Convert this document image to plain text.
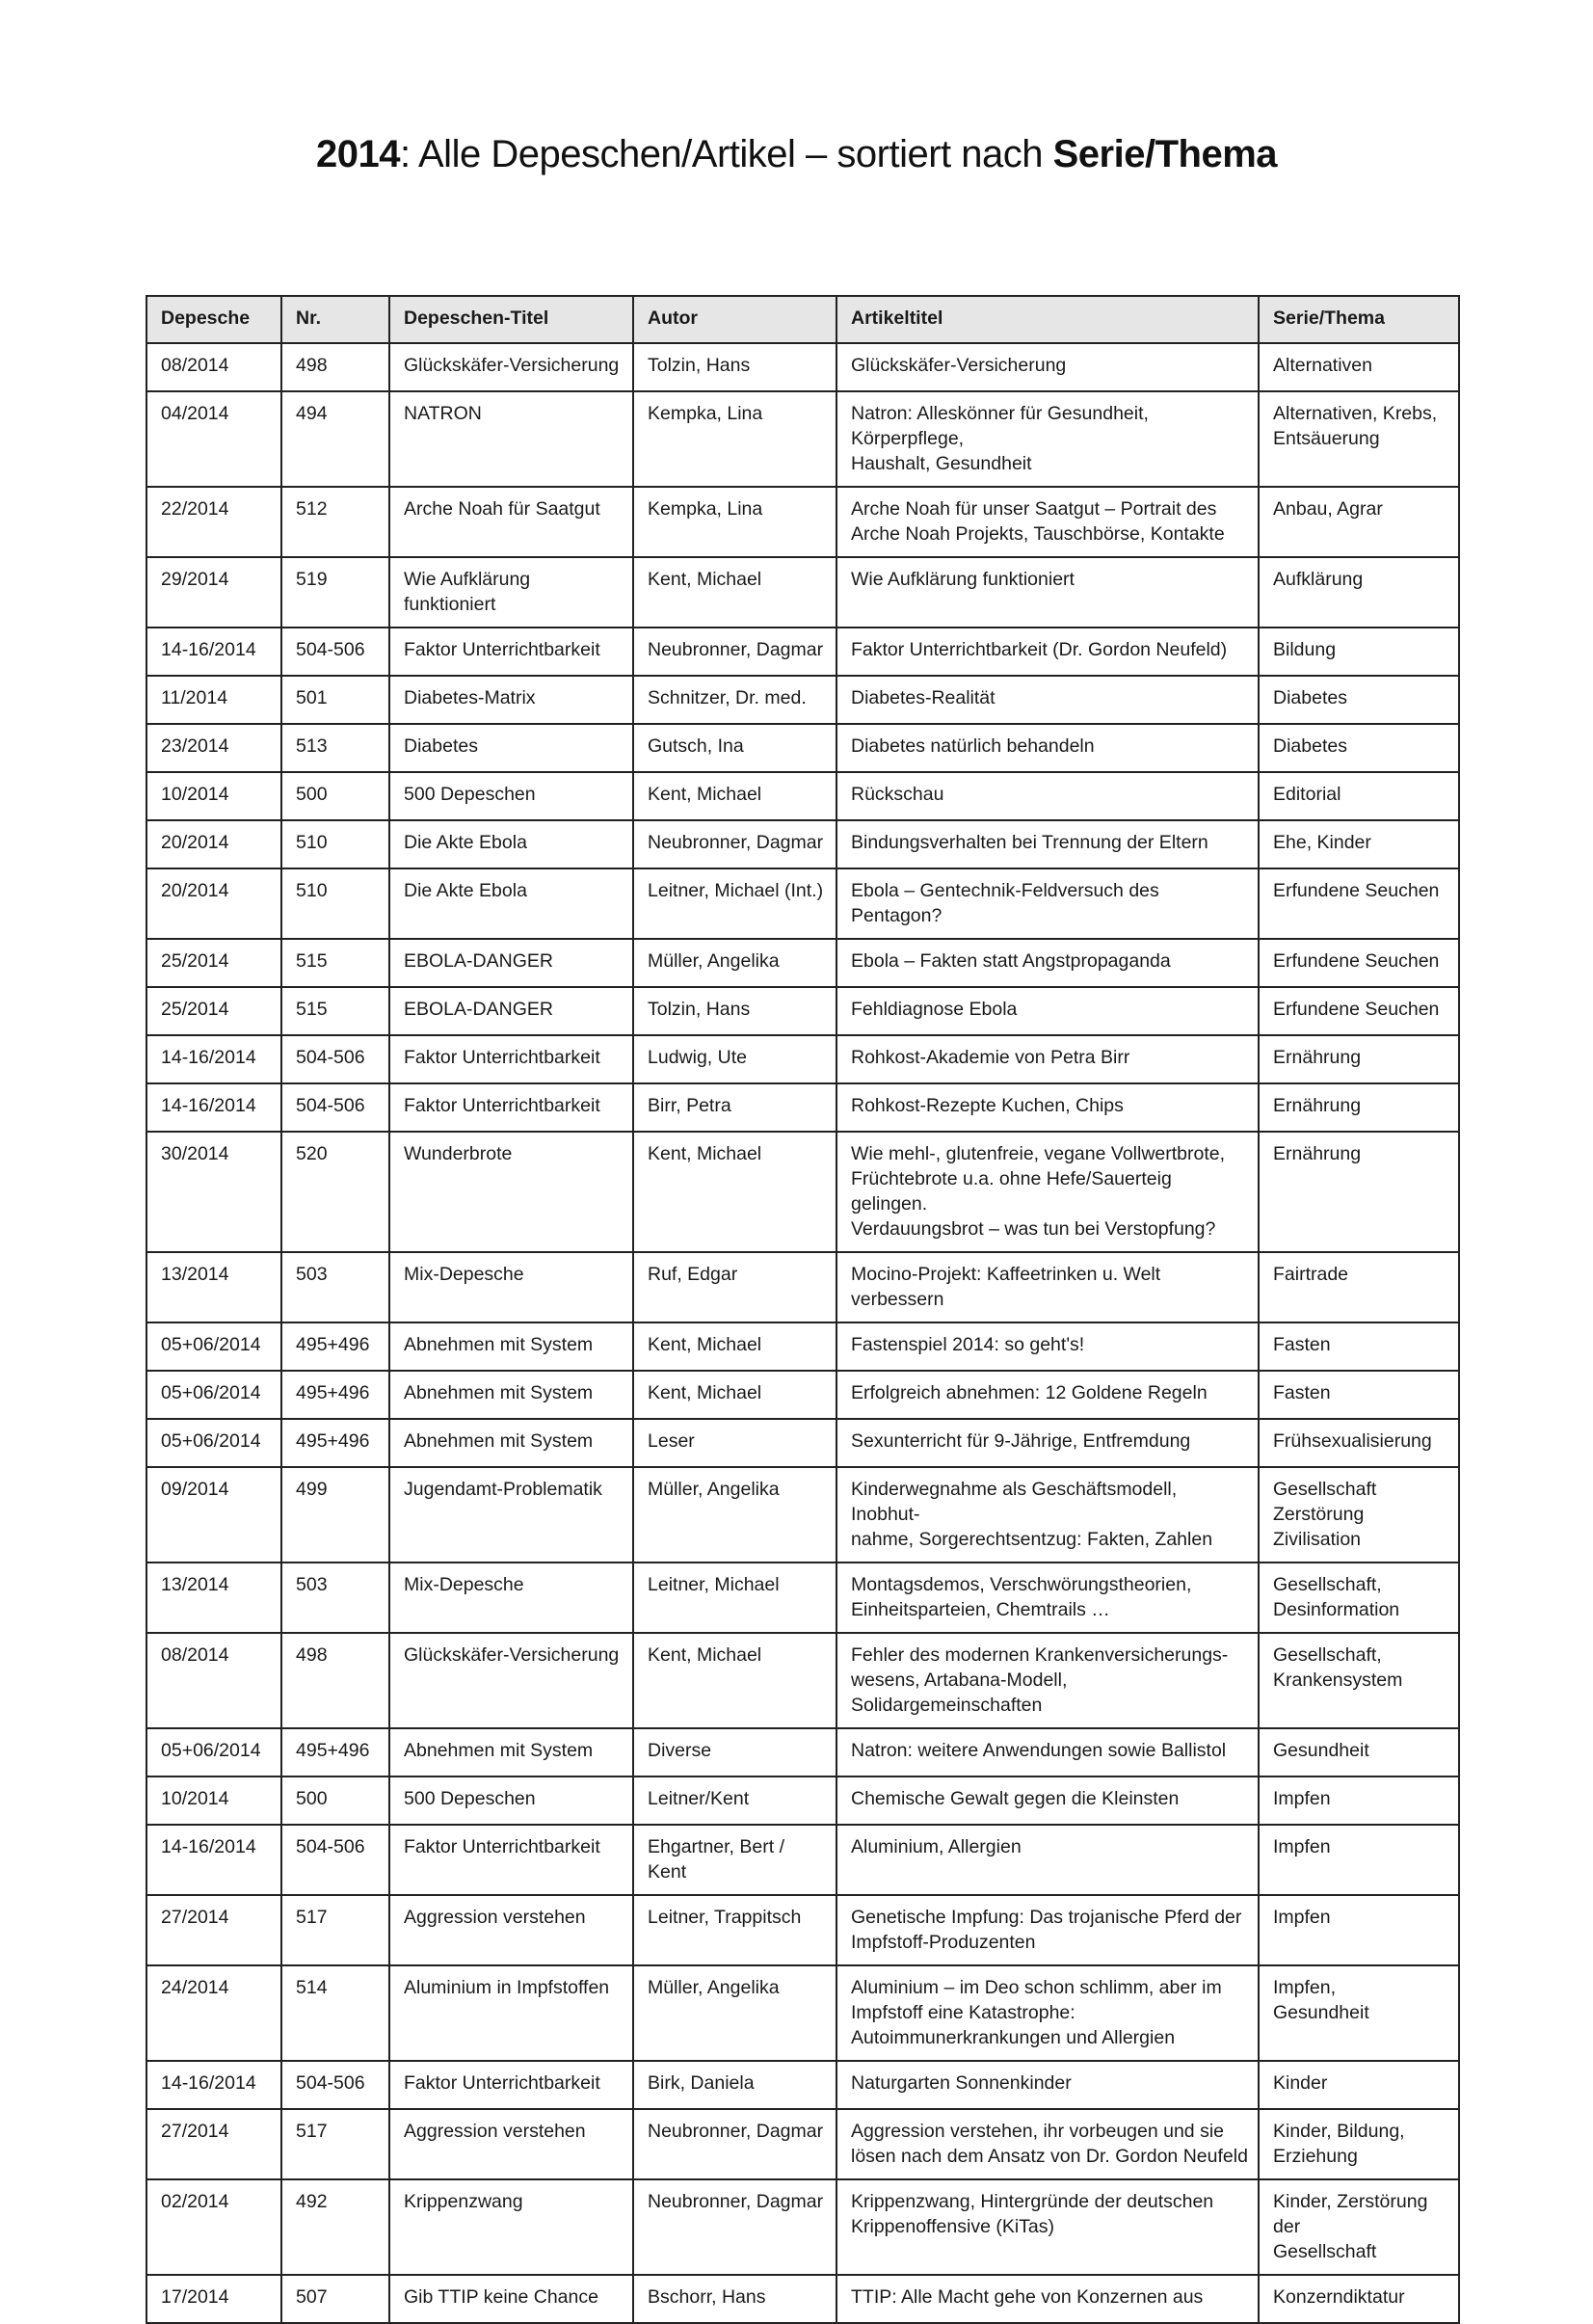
2014: Alle Depeschen/Artikel – sortiert nach Serie/Thema
Depesche	Nr.	Depeschen-Titel	Autor	Artikeltitel	Serie/Thema
08/2014	498	Glückskäfer-Versicherung	Tolzin, Hans	Glückskäfer-Versicherung	Alternativen
04/2014	494	NATRON	Kempka, Lina	Natron: Alleskönner für Gesundheit, Körperpflege,
Haushalt, Gesundheit	Alternativen, Krebs,
Entsäuerung
22/2014	512	Arche Noah für Saatgut	Kempka, Lina	Arche Noah für unser Saatgut – Portrait des
Arche Noah Projekts, Tauschbörse, Kontakte	Anbau, Agrar
29/2014	519	Wie Aufklärung funktioniert	Kent, Michael	Wie Aufklärung funktioniert	Aufklärung
14-16/2014	504-506	Faktor Unterrichtbarkeit	Neubronner, Dagmar	Faktor Unterrichtbarkeit (Dr. Gordon Neufeld)	Bildung
11/2014	501	Diabetes-Matrix	Schnitzer, Dr. med.	Diabetes-Realität	Diabetes
23/2014	513	Diabetes	Gutsch, Ina	Diabetes natürlich behandeln	Diabetes
10/2014	500	500 Depeschen	Kent, Michael	Rückschau	Editorial
20/2014	510	Die Akte Ebola	Neubronner, Dagmar	Bindungsverhalten bei Trennung der Eltern	Ehe, Kinder
20/2014	510	Die Akte Ebola	Leitner, Michael (Int.)	Ebola – Gentechnik-Feldversuch des Pentagon?	Erfundene Seuchen
25/2014	515	EBOLA-DANGER	Müller, Angelika	Ebola – Fakten statt Angstpropaganda	Erfundene Seuchen
25/2014	515	EBOLA-DANGER	Tolzin, Hans	Fehldiagnose Ebola	Erfundene Seuchen
14-16/2014	504-506	Faktor Unterrichtbarkeit	Ludwig, Ute	Rohkost-Akademie von Petra Birr	Ernährung
14-16/2014	504-506	Faktor Unterrichtbarkeit	Birr, Petra	Rohkost-Rezepte Kuchen, Chips	Ernährung
30/2014	520	Wunderbrote	Kent, Michael	Wie mehl-, glutenfreie, vegane Vollwertbrote,
Früchtebrote u.a. ohne Hefe/Sauerteig gelingen.
Verdauungsbrot – was tun bei Verstopfung?	Ernährung
13/2014	503	Mix-Depesche	Ruf, Edgar	Mocino-Projekt: Kaffeetrinken u. Welt verbessern	Fairtrade
05+06/2014	495+496	Abnehmen mit System	Kent, Michael	Fastenspiel 2014: so geht's!	Fasten
05+06/2014	495+496	Abnehmen mit System	Kent, Michael	Erfolgreich abnehmen: 12 Goldene Regeln	Fasten
05+06/2014	495+496	Abnehmen mit System	Leser	Sexunterricht für 9-Jährige, Entfremdung	Frühsexualisierung
09/2014	499	Jugendamt-Problematik	Müller, Angelika	Kinderwegnahme als Geschäftsmodell, Inobhut-
nahme, Sorgerechtsentzug: Fakten, Zahlen	Gesellschaft
Zerstörung Zivilisation
13/2014	503	Mix-Depesche	Leitner, Michael	Montagsdemos, Verschwörungstheorien,
Einheitsparteien, Chemtrails …	Gesellschaft,
Desinformation
08/2014	498	Glückskäfer-Versicherung	Kent, Michael	Fehler des modernen Krankenversicherungs-
wesens, Artabana-Modell, Solidargemeinschaften	Gesellschaft,
Krankensystem
05+06/2014	495+496	Abnehmen mit System	Diverse	Natron: weitere Anwendungen sowie Ballistol	Gesundheit
10/2014	500	500 Depeschen	Leitner/Kent	Chemische Gewalt gegen die Kleinsten	Impfen
14-16/2014	504-506	Faktor Unterrichtbarkeit	Ehgartner, Bert / Kent	Aluminium, Allergien	Impfen
27/2014	517	Aggression verstehen	Leitner, Trappitsch	Genetische Impfung: Das trojanische Pferd der
Impfstoff-Produzenten	Impfen
24/2014	514	Aluminium in Impfstoffen	Müller, Angelika	Aluminium – im Deo schon schlimm, aber im
Impfstoff eine Katastrophe:
Autoimmunerkrankungen und Allergien	Impfen,
Gesundheit
14-16/2014	504-506	Faktor Unterrichtbarkeit	Birk, Daniela	Naturgarten Sonnenkinder	Kinder
27/2014	517	Aggression verstehen	Neubronner, Dagmar	Aggression verstehen, ihr vorbeugen und sie
lösen nach dem Ansatz von Dr. Gordon Neufeld	Kinder, Bildung,
Erziehung
02/2014	492	Krippenzwang	Neubronner, Dagmar	Krippenzwang, Hintergründe der deutschen
Krippenoffensive (KiTas)	Kinder, Zerstörung der
Gesellschaft
17/2014	507	Gib TTIP keine Chance	Bschorr, Hans	TTIP: Alle Macht gehe von Konzernen aus	Konzerndiktatur
